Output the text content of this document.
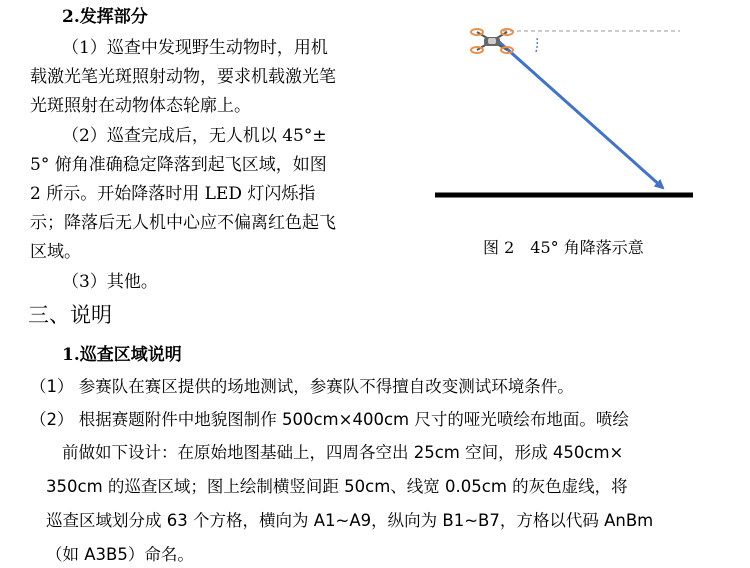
2.发挥部分
（1）巡查中发现野生动物时，用机
载激光笔光斑照射动物，要求机载激光笔
光斑照射在动物体态轮廓上。
（2）巡查完成后，无人机以 45°±
5° 俯角准确稳定降落到起飞区域，如图
2 所示。开始降落时用 LED 灯闪烁指
示；降落后无人机中心应不偏离红色起飞
区域。
（3）其他。
图 2　45° 角降落示意
三、说明
1.巡查区域说明
（1） 参赛队在赛区提供的场地测试，参赛队不得擅自改变测试环境条件。
（2） 根据赛题附件中地貌图制作 500cm×400cm 尺寸的哑光喷绘布地面。喷绘
前做如下设计：在原始地图基础上，四周各空出 25cm 空间，形成 450cm×
350cm 的巡查区域；图上绘制横竖间距 50cm、线宽 0.05cm 的灰色虚线，将
巡查区域划分成 63 个方格，横向为 A1~A9，纵向为 B1~B7，方格以代码 AnBm
（如 A3B5）命名。
